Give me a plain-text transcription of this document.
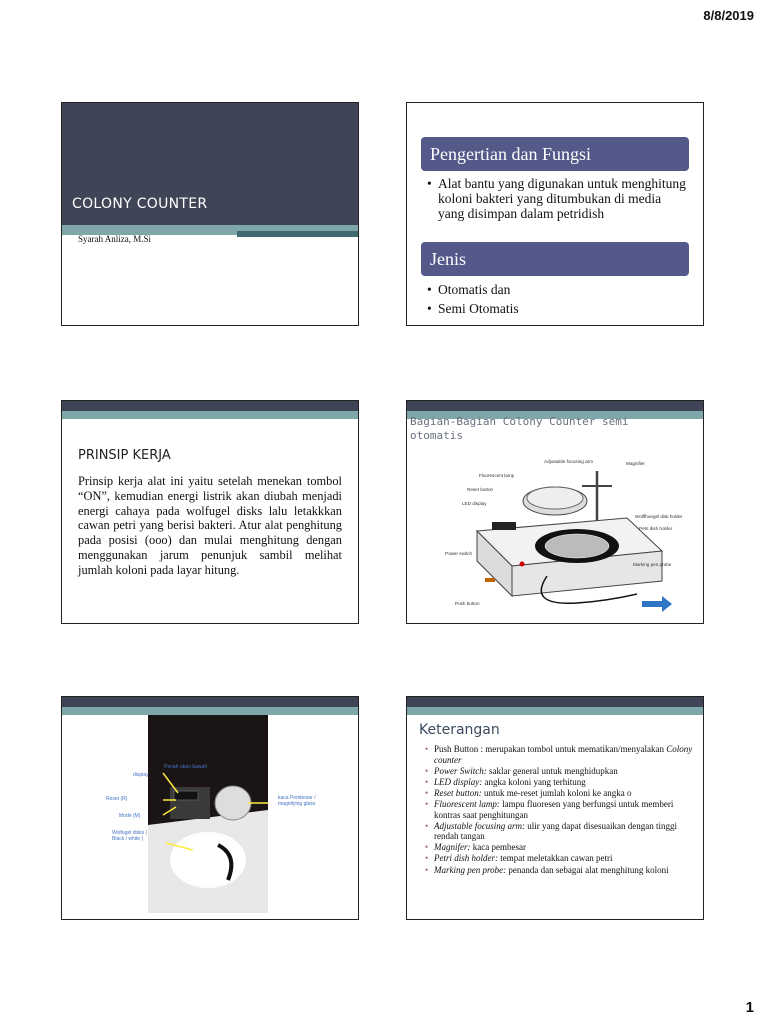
8/8/2019
COLONY COUNTER
Syarah Anliza, M.Si
Pengertian dan Fungsi
• Alat bantu yang digunakan untuk menghitung koloni bakteri yang ditumbukan di media yang disimpan dalam petridish
Jenis
• Otomatis dan
• Semi Otomatis
PRINSIP KERJA
Prinsip kerja alat ini yaitu setelah menekan tombol “ON”, kemudian energi listrik akan diubah menjadi energi cahaya pada wolfugel disks lalu letakkkan cawan petri yang berisi bakteri. Atur alat penghitung pada posisi (ooo) dan mulai menghitung dengan menggunakan jarum penunjuk sambil melihat jumlah koloni pada layar hitung.
Bagian-Bagian Colony Counter semi otomatis
Adjustable focusing arm	Magnifier
Fluorescent lamp
Reset button
LED display
Wolffhuegel disk holder
Petri dish holder
Power switch
Marking pen probe
Push button
Penah uban bawah
display
Reset (R)
Mode (M)
Wolfugel disks ( Black / white )
kaca Pembesar / magnifying glass
Keterangan
• Push Button : merupakan tombol untuk mematikan/menyalakan Colony counter
• Power Switch: saklar general untuk menghidupkan
• LED display: angka koloni yang terhitung
• Reset button: untuk me-reset jumlah koloni ke angka o
• Fluorescent lamp: lampu fluoresen yang berfungsi untuk memberi kontras saat penghitungan
• Adjustable focusing arm: ulir yang dapat disesuaikan dengan tinggi rendah tangan
• Magnifer: kaca pembesar
• Petri dish holder: tempat meletakkan cawan petri
• Marking pen probe: penanda dan sebagai alat menghitung koloni
1
